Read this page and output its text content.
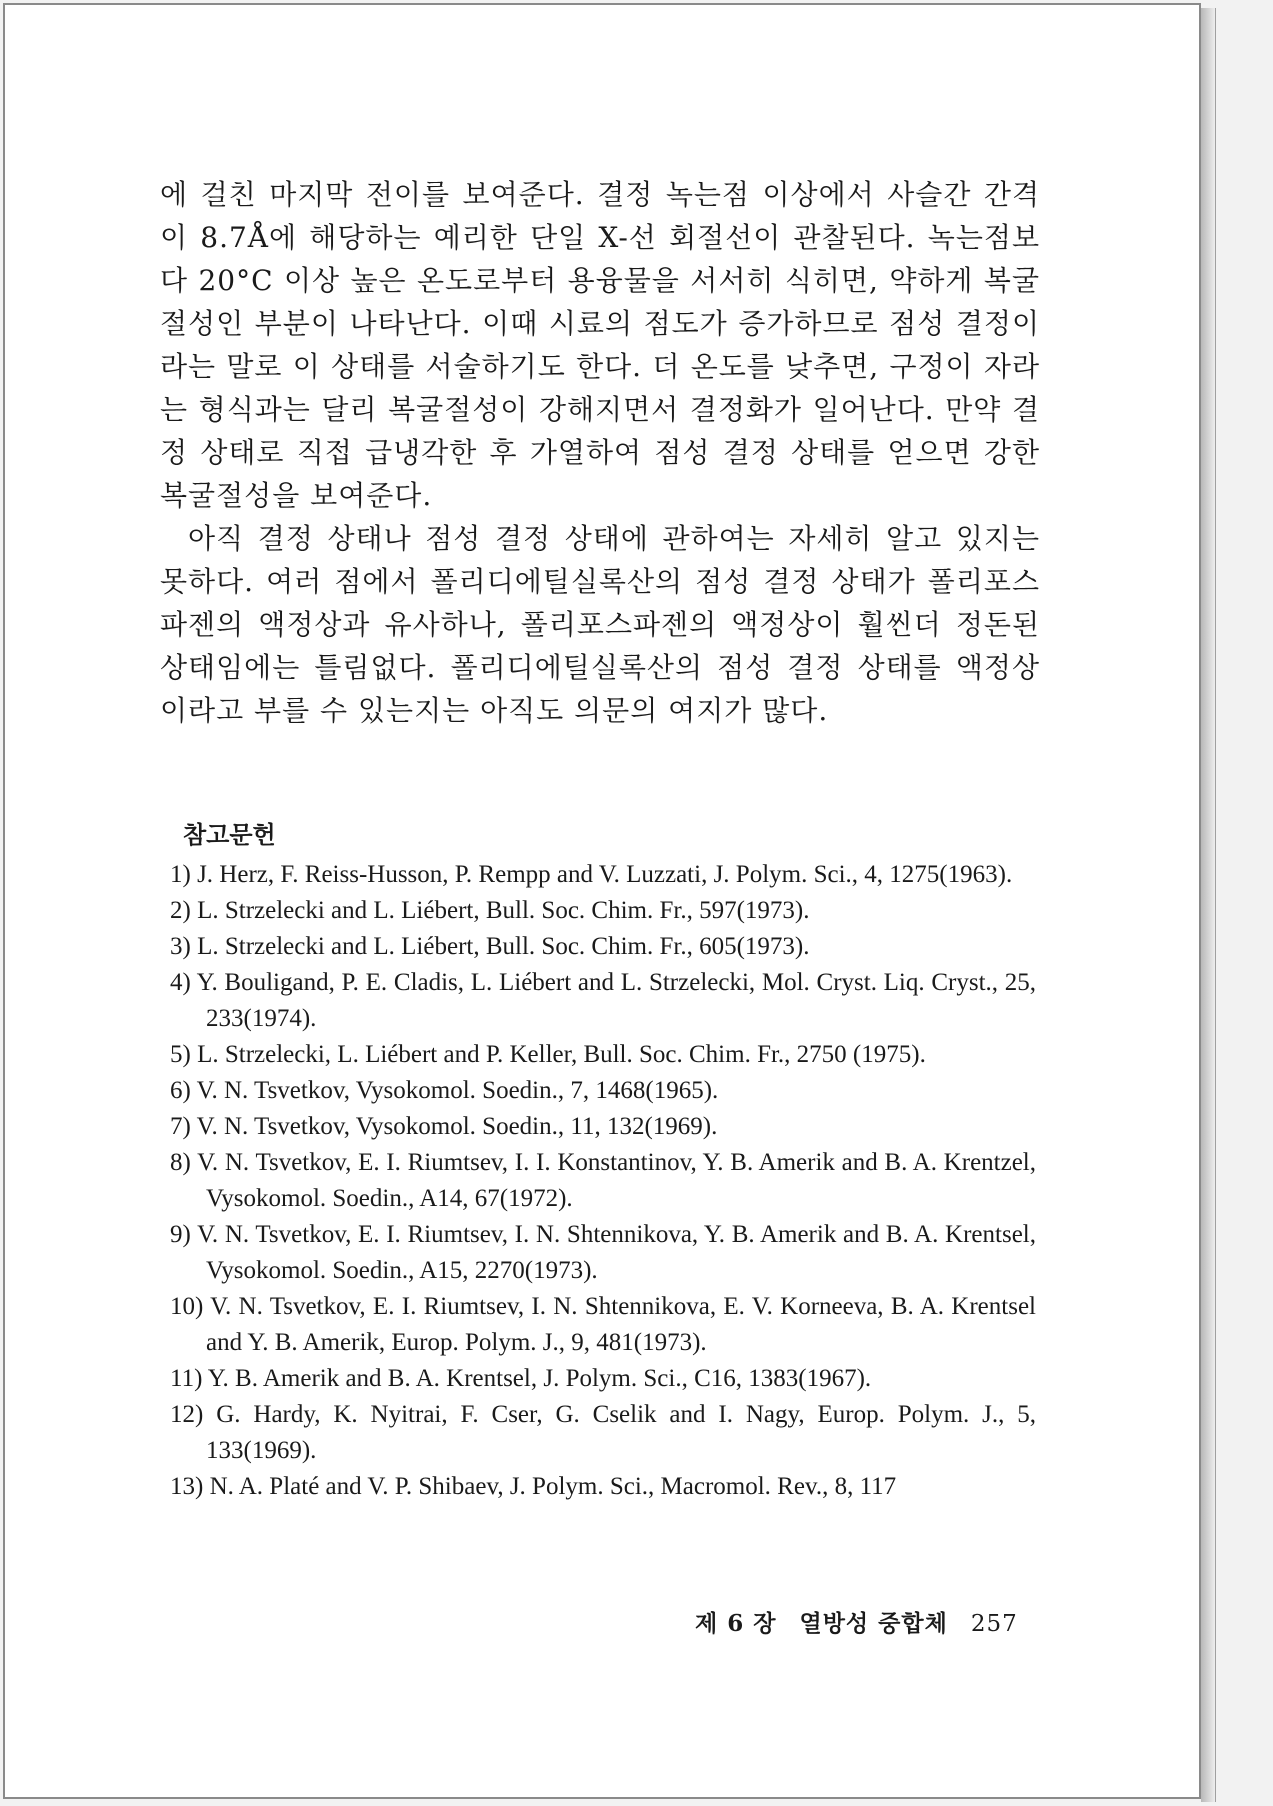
에 걸친 마지막 전이를 보여준다. 결정 녹는점 이상에서 사슬간 간격이 8.7Å에 해당하는 예리한 단일 X-선 회절선이 관찰된다. 녹는점보다 20°C 이상 높은 온도로부터 용융물을 서서히 식히면, 약하게 복굴절성인 부분이 나타난다. 이때 시료의 점도가 증가하므로 점성 결정이라는 말로 이 상태를 서술하기도 한다. 더 온도를 낮추면, 구정이 자라는 형식과는 달리 복굴절성이 강해지면서 결정화가 일어난다. 만약 결정 상태로 직접 급냉각한 후 가열하여 점성 결정 상태를 얻으면 강한 복굴절성을 보여준다.

아직 결정 상태나 점성 결정 상태에 관하여는 자세히 알고 있지는 못하다. 여러 점에서 폴리디에틸실록산의 점성 결정 상태가 폴리포스파젠의 액정상과 유사하나, 폴리포스파젠의 액정상이 훨씬더 정돈된 상태임에는 틀림없다. 폴리디에틸실록산의 점성 결정 상태를 액정상이라고 부를 수 있는지는 아직도 의문의 여지가 많다.

참고문헌
1) J. Herz, F. Reiss-Husson, P. Rempp and V. Luzzati, J. Polym. Sci., 4, 1275(1963).
2) L. Strzelecki and L. Liébert, Bull. Soc. Chim. Fr., 597(1973).
3) L. Strzelecki and L. Liébert, Bull. Soc. Chim. Fr., 605(1973).
4) Y. Bouligand, P. E. Cladis, L. Liébert and L. Strzelecki, Mol. Cryst. Liq. Cryst., 25, 233(1974).
5) L. Strzelecki, L. Liébert and P. Keller, Bull. Soc. Chim. Fr., 2750 (1975).
6) V. N. Tsvetkov, Vysokomol. Soedin., 7, 1468(1965).
7) V. N. Tsvetkov, Vysokomol. Soedin., 11, 132(1969).
8) V. N. Tsvetkov, E. I. Riumtsev, I. I. Konstantinov, Y. B. Amerik and B. A. Krentzel, Vysokomol. Soedin., A14, 67(1972).
9) V. N. Tsvetkov, E. I. Riumtsev, I. N. Shtennikova, Y. B. Amerik and B. A. Krentsel, Vysokomol. Soedin., A15, 2270(1973).
10) V. N. Tsvetkov, E. I. Riumtsev, I. N. Shtennikova, E. V. Korneeva, B. A. Krentsel and Y. B. Amerik, Europ. Polym. J., 9, 481(1973).
11) Y. B. Amerik and B. A. Krentsel, J. Polym. Sci., C16, 1383(1967).
12) G. Hardy, K. Nyitrai, F. Cser, G. Cselik and I. Nagy, Europ. Polym. J., 5, 133(1969).
13) N. A. Platé and V. P. Shibaev, J. Polym. Sci., Macromol. Rev., 8, 117
제 6 장 열방성 중합체 257
